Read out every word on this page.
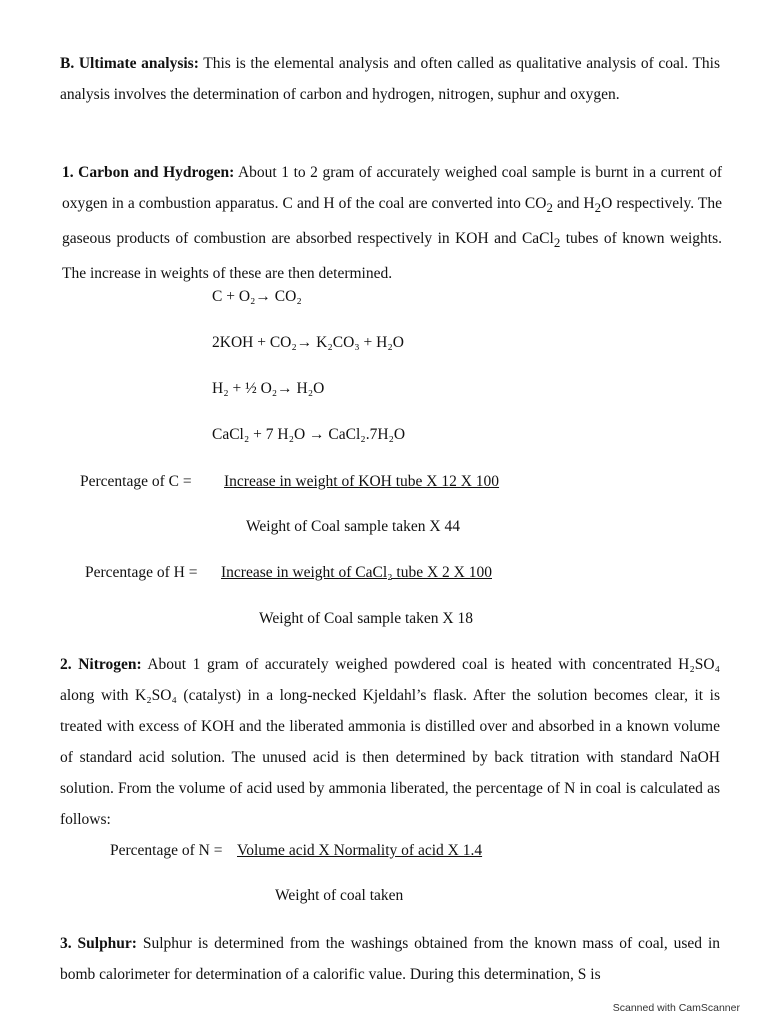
B. Ultimate analysis: This is the elemental analysis and often called as qualitative analysis of coal. This analysis involves the determination of carbon and hydrogen, nitrogen, suphur and oxygen.

1. Carbon and Hydrogen: About 1 to 2 gram of accurately weighed coal sample is burnt in a current of oxygen in a combustion apparatus. C and H of the coal are converted into $CO_2$ and $H_2O$ respectively. The gaseous products of combustion are absorbed respectively in KOH and CaCl$_2$ tubes of known weights. The increase in weights of these are then determined.

C + O₂→ CO₂
2KOH + CO₂→ K₂CO₃ + H₂O
H₂ + ½ O₂→ H₂O
CaCl₂ + 7 H₂O → CaCl₂.7H₂O
Percentage of C = Increase in weight of KOH tube X 12 X 100
Weight of Coal sample taken X 44
Percentage of H = Increase in weight of CaCl₂ tube X 2 X 100
Weight of Coal sample taken X 18

2. Nitrogen: About 1 gram of accurately weighed powdered coal is heated with concentrated H₂SO₄ along with K₂SO₄ (catalyst) in a long-necked Kjeldahl’s flask. After the solution becomes clear, it is treated with excess of KOH and the liberated ammonia is distilled over and absorbed in a known volume of standard acid solution. The unused acid is then determined by back titration with standard NaOH solution. From the volume of acid used by ammonia liberated, the percentage of N in coal is calculated as follows:

Percentage of N = Volume acid X Normality of acid X 1.4
Weight of coal taken

3. Sulphur: Sulphur is determined from the washings obtained from the known mass of coal, used in bomb calorimeter for determination of a calorific value. During this determination, S is

Scanned with CamScanner
